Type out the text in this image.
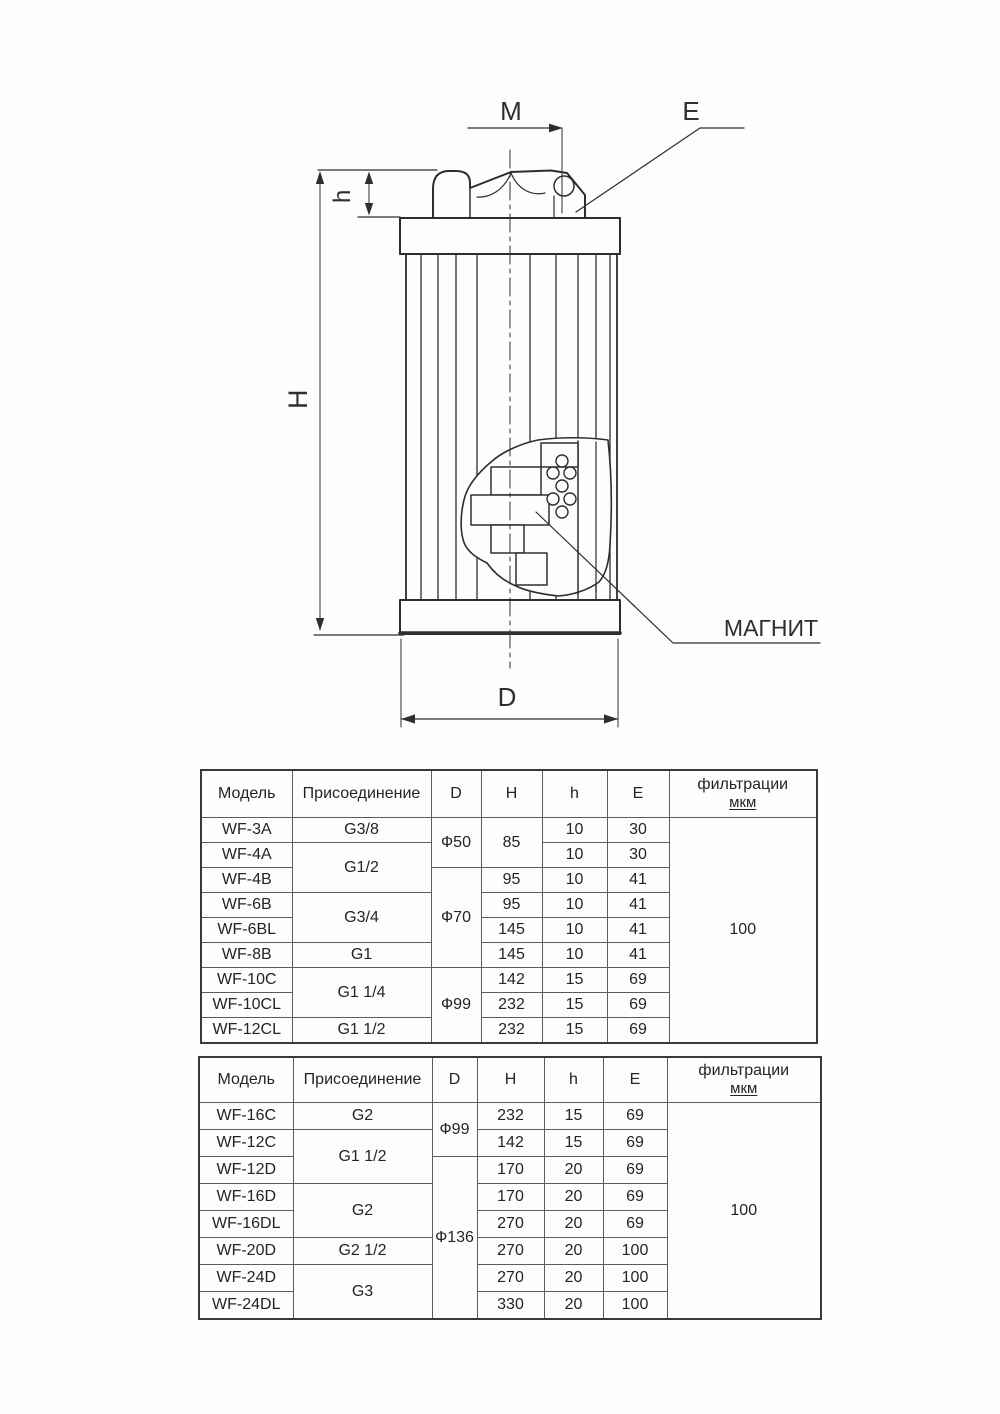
M	E
h
H
D
МАГНИТ
Модель	Присоединение	D	H	h	E	фильтрации
мкм
WF-3A	G3/8	Ф50	85	10	30	100
WF-4A	G1/2			10	30	
WF-4B		Ф70	95	10	41	
WF-6B	G3/4		95	10	41	
WF-6BL			145	10	41	
WF-8B	G1		145	10	41	
WF-10C	G1 1/4	Ф99	142	15	69	
WF-10CL			232	15	69	
WF-12CL	G1 1/2		232	15	69	
Модель	Присоединение	D	H	h	E	фильтрации
мкм
WF-16C	G2	Ф99	232	15	69	100
WF-12C	G1 1/2		142	15	69	
WF-12D		Ф136	170	20	69	
WF-16D	G2		170	20	69	
WF-16DL			270	20	69	
WF-20D	G2 1/2		270	20	100	
WF-24D	G3		270	20	100	
WF-24DL			330	20	100	
